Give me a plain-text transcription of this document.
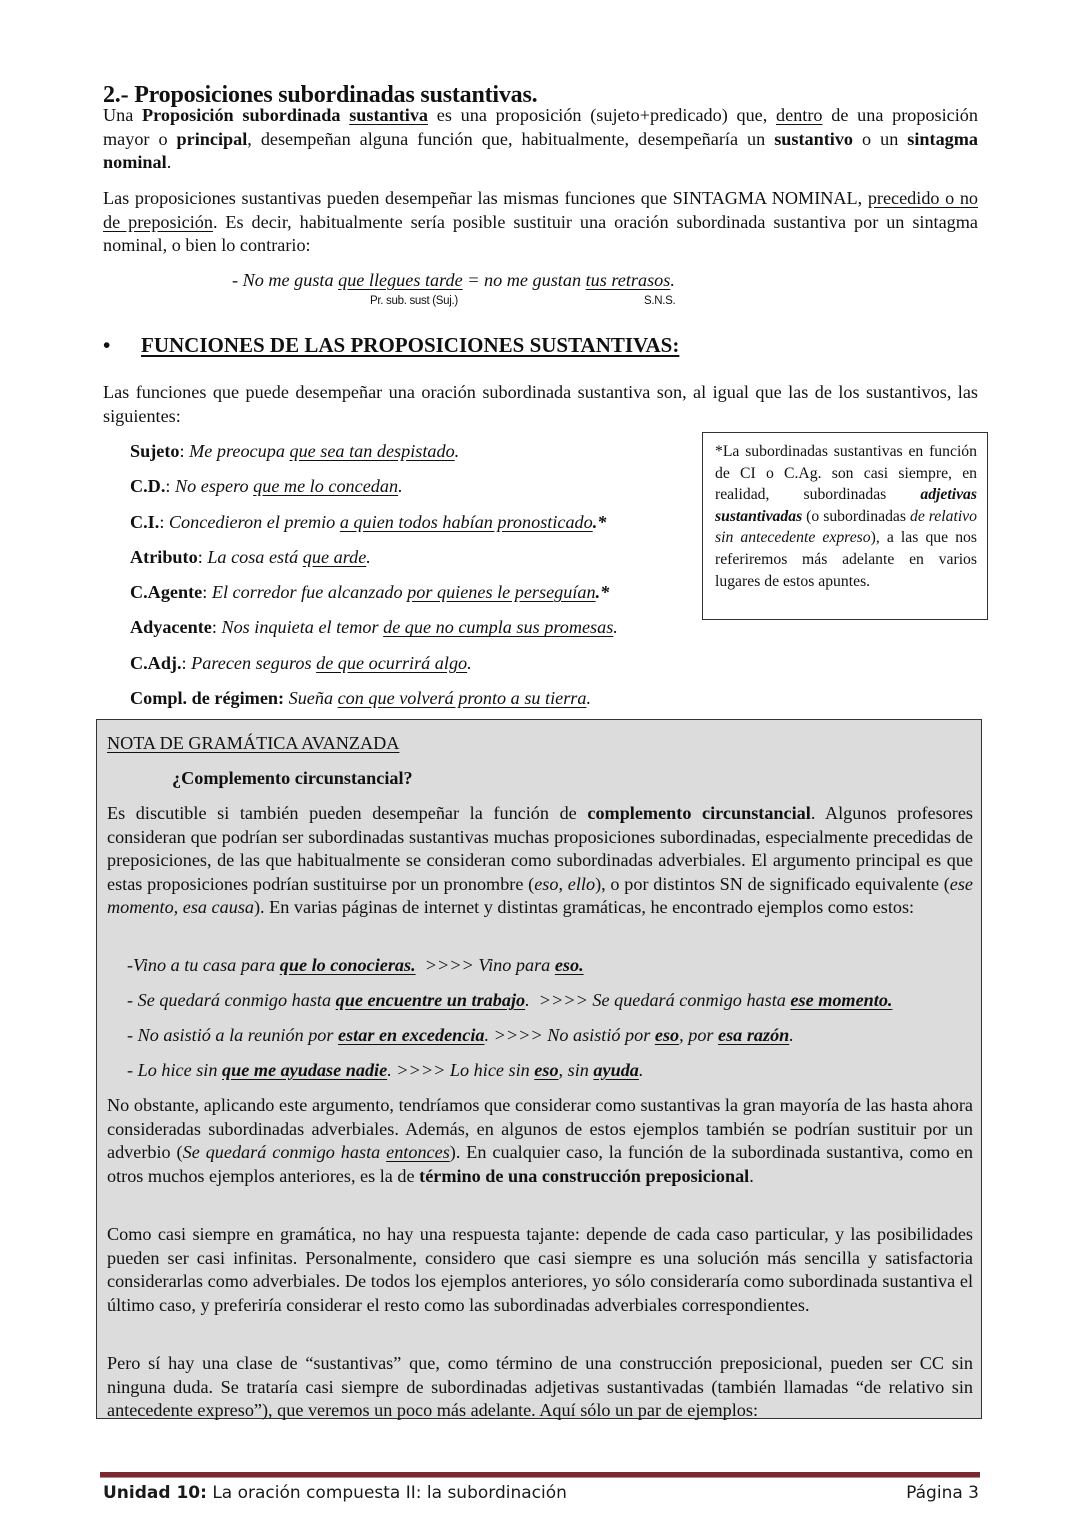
2.- Proposiciones subordinadas sustantivas.

Una Proposición subordinada sustantiva es una proposición (sujeto+predicado) que, dentro de una proposición mayor o principal, desempeñan alguna función que, habitualmente, desempeñaría un sustantivo o un sintagma nominal.

Las proposiciones sustantivas pueden desempeñar las mismas funciones que SINTAGMA NOMINAL, precedido o no de preposición. Es decir, habitualmente sería posible sustituir una oración subordinada sustantiva por un sintagma nominal, o bien lo contrario:

- No me gusta que llegues tarde = no me gustan tus retrasos.
Pr. sub. sust (Suj.)	S.N.S.
• FUNCIONES DE LAS PROPOSICIONES SUSTANTIVAS:

Las funciones que puede desempeñar una oración subordinada sustantiva son, al igual que las de los sustantivos, las siguientes:

Sujeto: Me preocupa que sea tan despistado.
C.D.: No espero que me lo concedan.
C.I.: Concedieron el premio a quien todos habían pronosticado.*
Atributo: La cosa está que arde.
C.Agente: El corredor fue alcanzado por quienes le perseguían.*
Adyacente: Nos inquieta el temor de que no cumpla sus promesas.
C.Adj.: Parecen seguros de que ocurrirá algo.
Compl. de régimen: Sueña con que volverá pronto a su tierra.
*La subordinadas sustantivas en función de CI o C.Ag. son casi siempre, en realidad, subordinadas adjetivas sustantivadas (o subordinadas de relativo sin antecedente expreso), a las que nos referiremos más adelante en varios lugares de estos apuntes.
NOTA DE GRAMÁTICA AVANZADA
¿Complemento circunstancial?

Es discutible si también pueden desempeñar la función de complemento circunstancial. Algunos profesores consideran que podrían ser subordinadas sustantivas muchas proposiciones subordinadas, especialmente precedidas de preposiciones, de las que habitualmente se consideran como subordinadas adverbiales. El argumento principal es que estas proposiciones podrían sustituirse por un pronombre (eso, ello), o por distintos SN de significado equivalente (ese momento, esa causa). En varias páginas de internet y distintas gramáticas, he encontrado ejemplos como estos:

-Vino a tu casa para que lo conocieras.  >>>> Vino para eso.
- Se quedará conmigo hasta que encuentre un trabajo.  >>>> Se quedará conmigo hasta ese momento.
- No asistió a la reunión por estar en excedencia. >>>> No asistió por eso, por esa razón.
- Lo hice sin que me ayudase nadie. >>>> Lo hice sin eso, sin ayuda.

No obstante, aplicando este argumento, tendríamos que considerar como sustantivas la gran mayoría de las hasta ahora consideradas subordinadas adverbiales. Además, en algunos de estos ejemplos también se podrían sustituir por un adverbio (Se quedará conmigo hasta entonces). En cualquier caso, la función de la subordinada sustantiva, como en otros muchos ejemplos anteriores, es la de término de una construcción preposicional.

Como casi siempre en gramática, no hay una respuesta tajante: depende de cada caso particular, y las posibilidades pueden ser casi infinitas. Personalmente, considero que casi siempre es una solución más sencilla y satisfactoria considerarlas como adverbiales. De todos los ejemplos anteriores, yo sólo consideraría como subordinada sustantiva el último caso, y preferiría considerar el resto como las subordinadas adverbiales correspondientes.

Pero sí hay una clase de “sustantivas” que, como término de una construcción preposicional, pueden ser CC sin ninguna duda. Se trataría casi siempre de subordinadas adjetivas sustantivadas (también llamadas “de relativo sin antecedente expreso”), que veremos un poco más adelante. Aquí sólo un par de ejemplos:

Unidad 10: La oración compuesta II: la subordinación	Página 3
